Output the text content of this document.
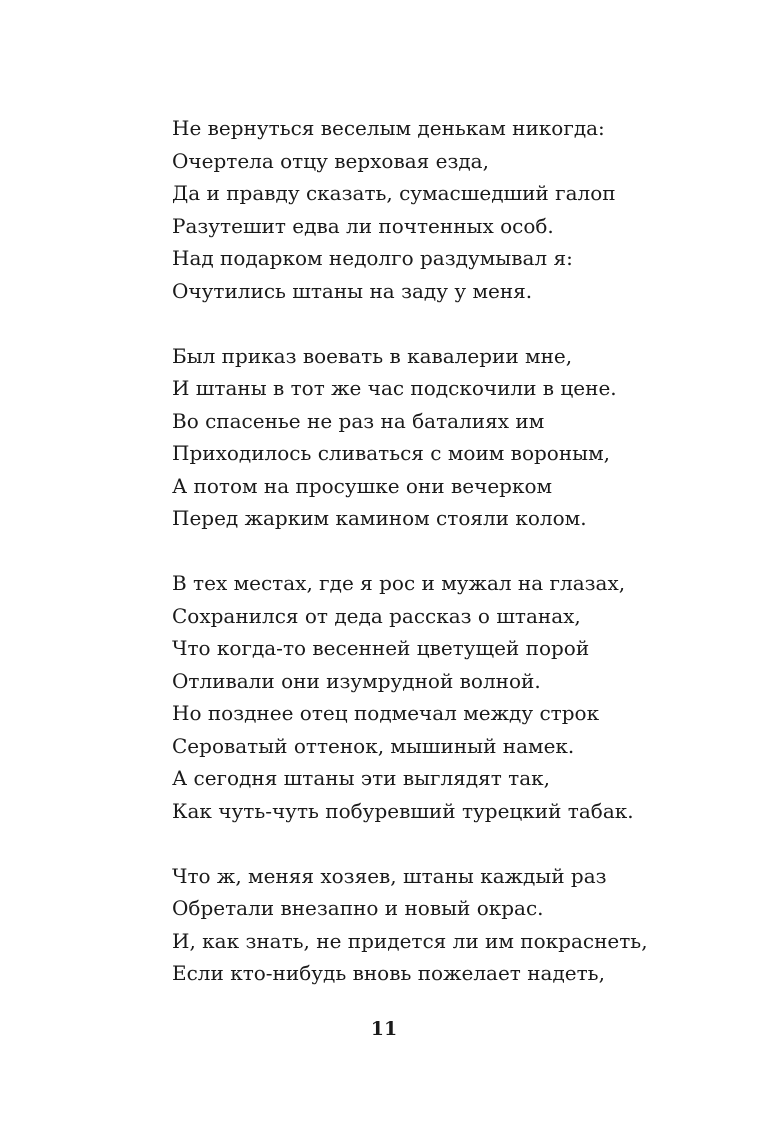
Не вернуться веселым денькам никогда:
Очертела отцу верховая езда,
Да и правду сказать, сумасшедший галоп
Разутешит едва ли почтенных особ.
Над подарком недолго раздумывал я:
Очутились штаны на заду у меня.
Был приказ воевать в кавалерии мне,
И штаны в тот же час подскочили в цене.
Во спасенье не раз на баталиях им
Приходилось сливаться с моим вороным,
А потом на просушке они вечерком
Перед жарким камином стояли колом.
В тех местах, где я рос и мужал на глазах,
Сохранился от деда рассказ о штанах,
Что когда-то весенней цветущей порой
Отливали они изумрудной волной.
Но позднее отец подмечал между строк
Сероватый оттенок, мышиный намек.
А сегодня штаны эти выглядят так,
Как чуть-чуть побуревший турецкий табак.
Что ж, меняя хозяев, штаны каждый раз
Обретали внезапно и новый окрас.
И, как знать, не придется ли им покраснеть,
Если кто-нибудь вновь пожелает надеть,
11
